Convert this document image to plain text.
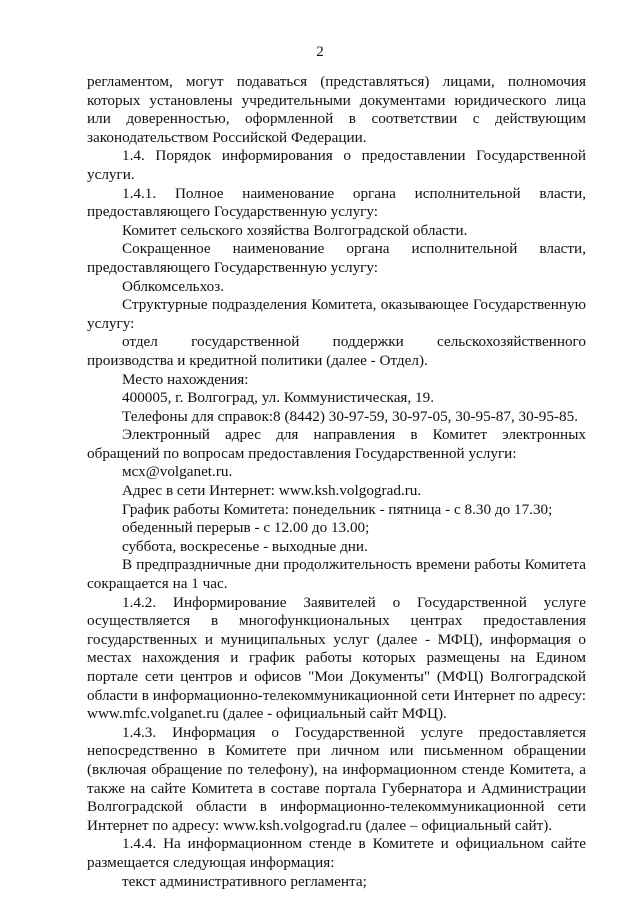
2

регламентом, могут подаваться (представляться) лицами, полномочия которых установлены учредительными документами юридического лица или доверенностью, оформленной в соответствии с действующим законодательством Российской Федерации.

1.4. Порядок информирования о предоставлении Государственной услуги.

1.4.1. Полное наименование органа исполнительной власти, предоставляющего Государственную услугу:

Комитет сельского хозяйства Волгоградской области.

Сокращенное наименование органа исполнительной власти, предоставляющего Государственную услугу:

Облкомсельхоз.

Структурные подразделения Комитета, оказывающее Государственную услугу:

отдел государственной поддержки сельскохозяйственного производства и кредитной политики (далее - Отдел).

Место нахождения:

400005, г. Волгоград, ул. Коммунистическая, 19.

Телефоны для справок:8 (8442) 30-97-59, 30-97-05, 30-95-87, 30-95-85.

Электронный адрес для направления в Комитет электронных обращений по вопросам предоставления Государственной услуги:

мсх@volganet.ru.

Адрес в сети Интернет: www.ksh.volgograd.ru.

График работы Комитета: понедельник - пятница - с 8.30 до 17.30;

обеденный перерыв - с 12.00 до 13.00;

суббота, воскресенье - выходные дни.

В предпраздничные дни продолжительность времени работы Комитета сокращается на 1 час.

1.4.2. Информирование Заявителей о Государственной услуге осуществляется в многофункциональных центрах предоставления государственных и муниципальных услуг (далее - МФЦ), информация о местах нахождения и график работы которых размещены на Едином портале сети центров и офисов "Мои Документы" (МФЦ) Волгоградской области в информационно-телекоммуникационной сети Интернет по адресу: www.mfc.volganet.ru (далее - официальный сайт МФЦ).

1.4.3. Информация о Государственной услуге предоставляется непосредственно в Комитете при личном или письменном обращении (включая обращение по телефону), на информационном стенде Комитета, а также на сайте Комитета в составе портала Губернатора и Администрации Волгоградской области в информационно-телекоммуникационной сети Интернет по адресу: www.ksh.volgograd.ru (далее – официальный сайт).

1.4.4. На информационном стенде в Комитете и официальном сайте размещается следующая информация:

текст административного регламента;
